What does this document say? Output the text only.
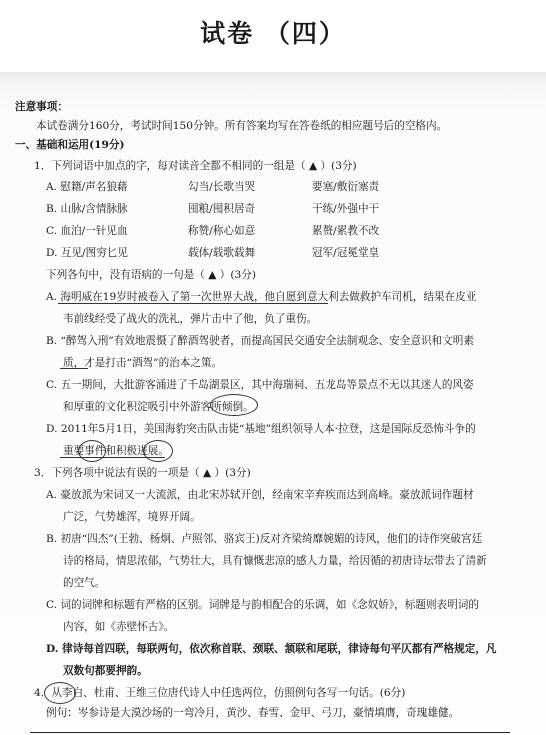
试卷 （四）
注意事项：
本试卷满分160分，考试时间150分钟。所有答案均写在答卷纸的相应题号后的空格内。
一、基础和运用(19分)
1．下列词语中加点的字，每对读音全都不相同的一组是（ ▲ ）(3分)
A. 慰籍/声名狼藉	勾当/长歌当哭	要塞/敷衍塞责
B. 山脉/含情脉脉	囤粮/囤积居奇	干练/外强中干
C. 血泊/一针见血	称赞/称心如意	累赘/累教不改
D. 互见/图穷匕见	载体/载歌载舞	冠军/冠冕堂皇
下列各句中，没有语病的一句是（ ▲ ）(3分)
A. 海明威在19岁时被卷入了第一次世界大战，他自愿到意大利去做救护车司机，结果在皮亚
韦前线经受了战火的洗礼，弹片击中了他，负了重伤。
B. “醉驾入刑”有效地震慑了醉酒驾驶者，而提高国民交通安全法制观念、安全意识和文明素
质，才是打击“酒驾”的治本之策。
C. 五一期间，大批游客涌进了千岛湖景区，其中海瑞祠、五龙岛等景点不无以其迷人的风姿
和厚重的文化积淀吸引中外游客所倾倒。
D. 2011年5月1日，美国海豹突击队击毙“基地”组织领导人本·拉登，这是国际反恐怖斗争的
重要事件和积极进展。
3．下列各项中说法有误的一项是（ ▲ ）(3分)
A. 豪放派为宋词又一大流派，由北宋苏轼开创，经南宋辛弃疾而达到高峰。豪放派词作题材
广泛，气势雄浑，境界开阔。
B. 初唐“四杰”(王勃、杨炯、卢照邻、骆宾王)反对齐梁绮靡婉媚的诗风，他们的诗作突破宫廷
诗的格局，情思浓郁，气势壮大，具有慷慨悲凉的感人力量，给因循的初唐诗坛带去了清新
的空气。
C. 词的词牌和标题有严格的区别。词牌是与韵相配合的乐调，如《念奴娇》，标题则表明词的
内容，如《赤壁怀古》。
D. 律诗每首四联，每联两句，依次称首联、颈联、颔联和尾联，律诗每句平仄都有严格规定，凡
双数句都要押韵。
4．从李白、杜甫、王维三位唐代诗人中任选两位，仿照例句各写一句话。(6分)
例句：岑参诗是大漠沙场的一弯冷月，黄沙、春雪、金甲、弓刀，豪情填膺，奇瑰雄健。
